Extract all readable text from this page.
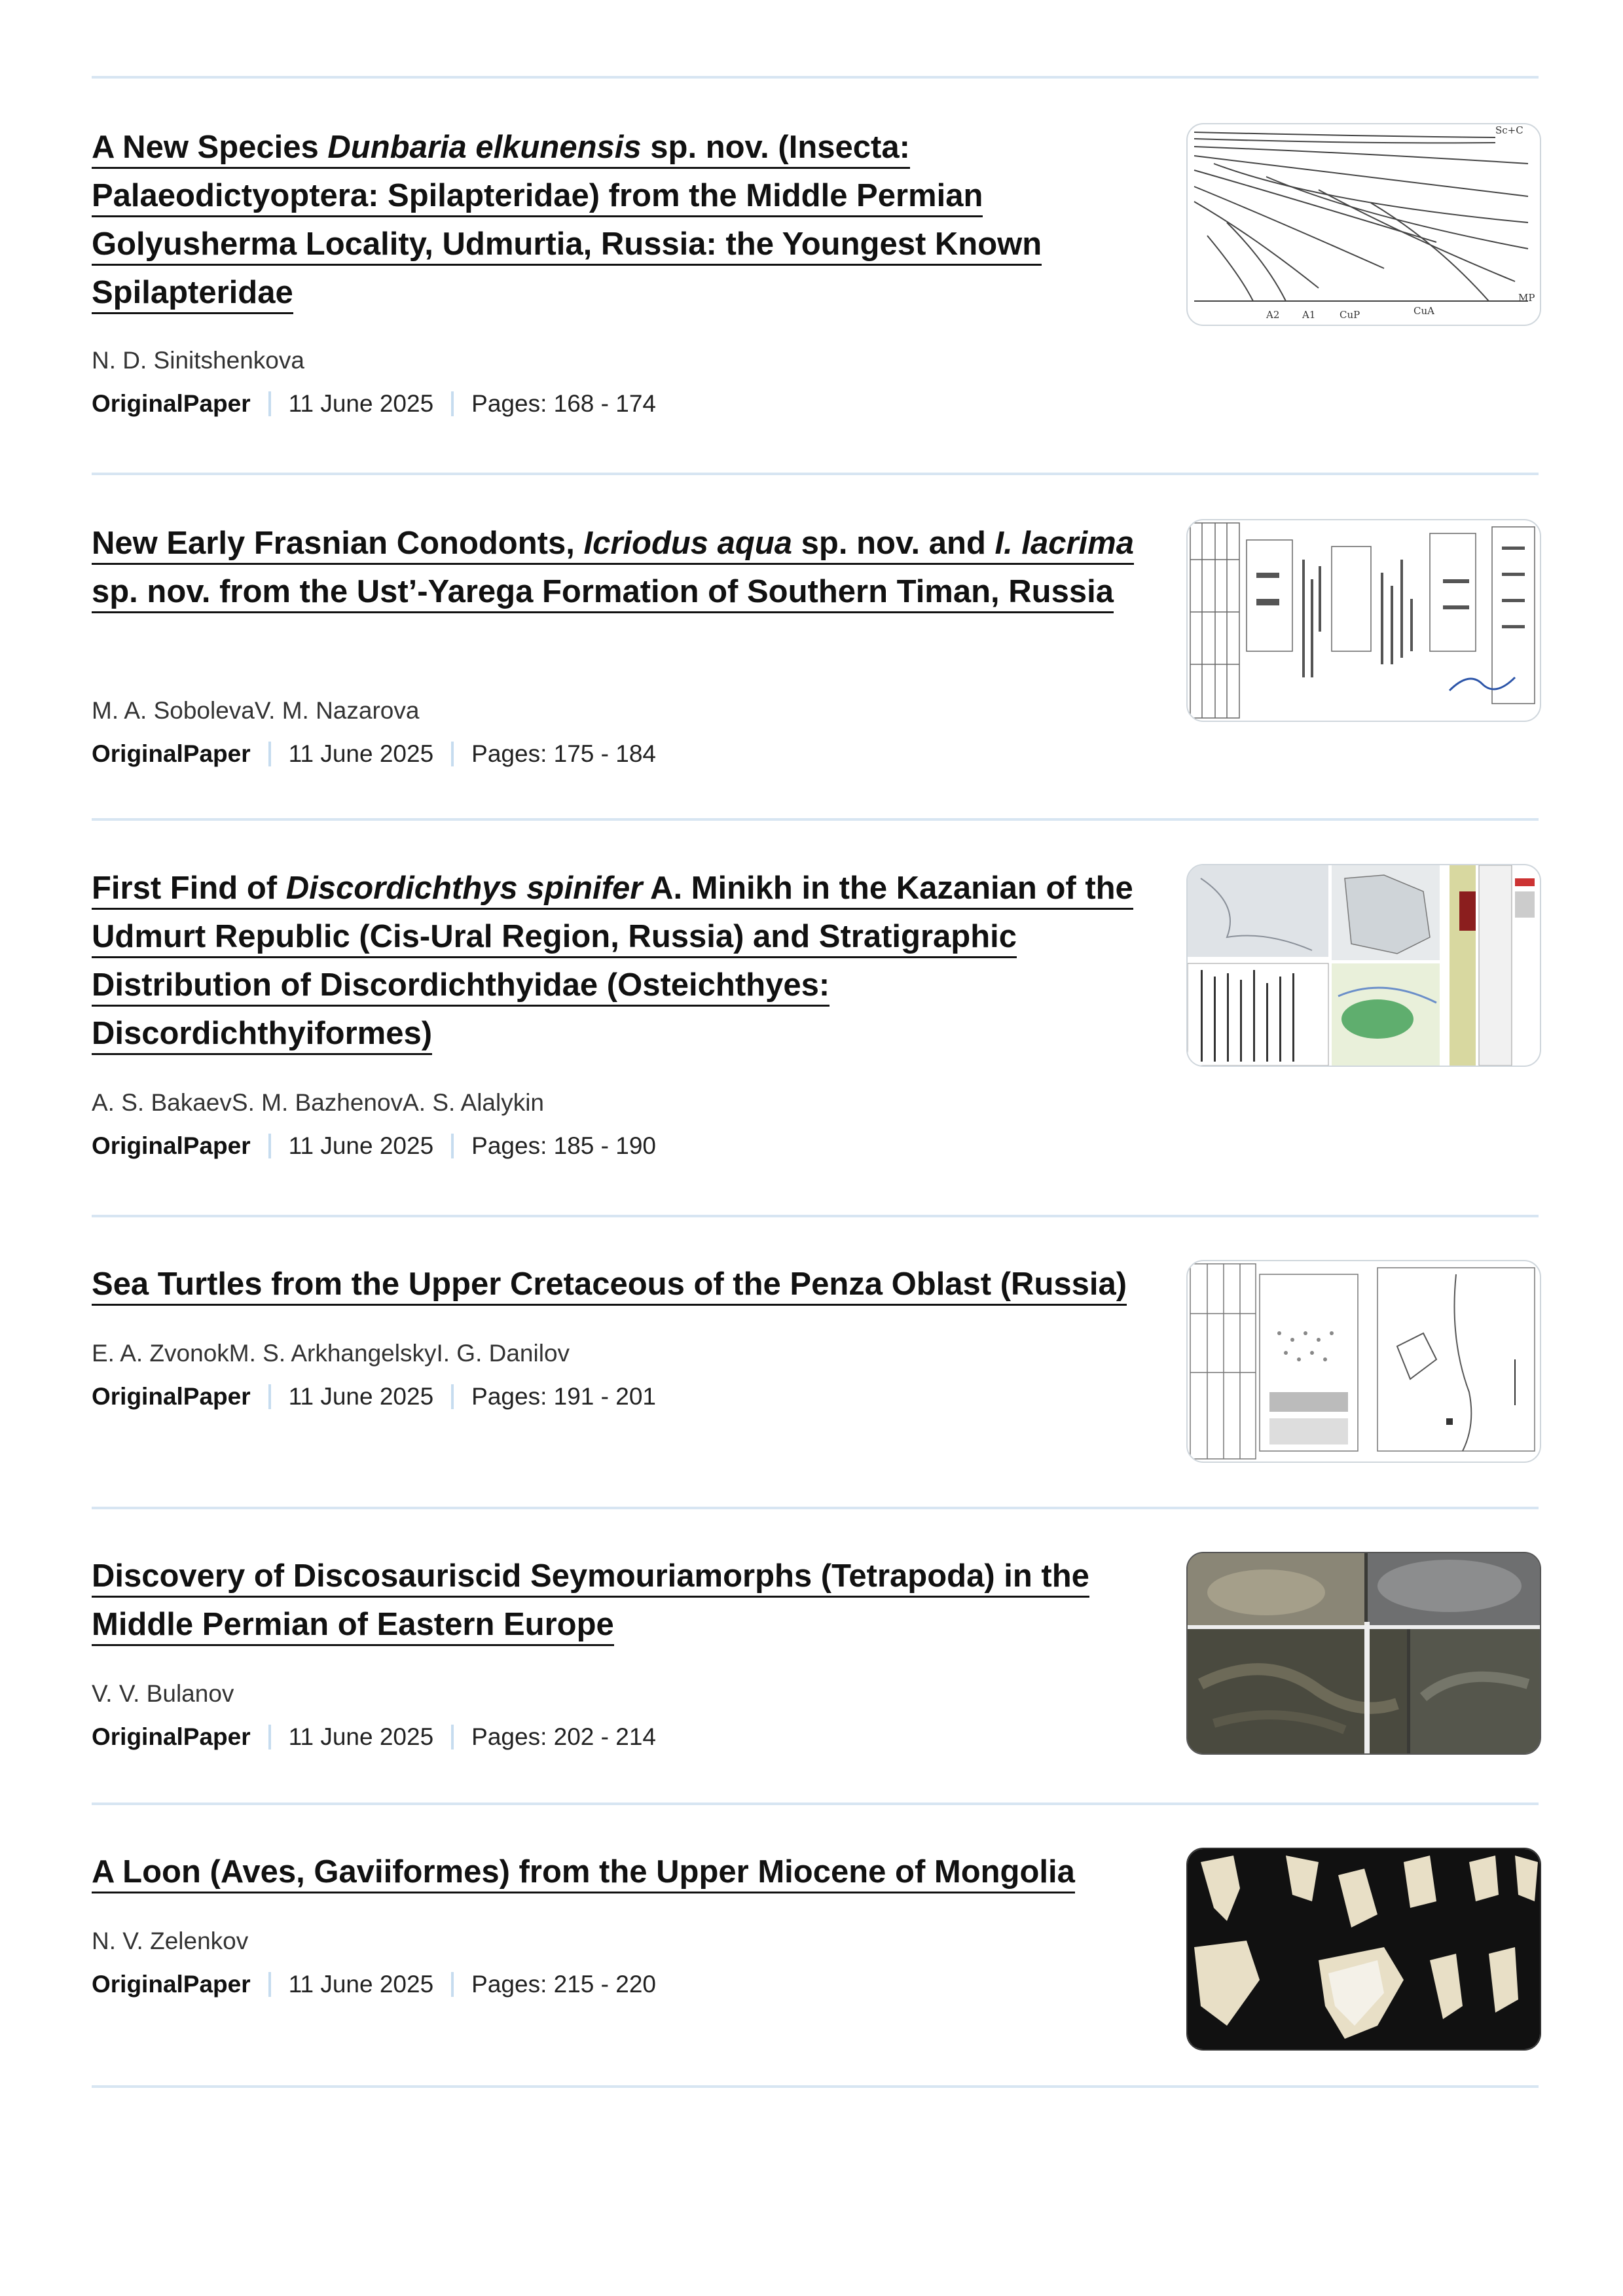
A New Species Dunbaria elkunensis sp. nov. (Insecta: Palaeodictyoptera: Spilapteridae) from the Middle Permian Golyusherma Locality, Udmurtia, Russia: the Youngest Known Spilapteridae
N. D. Sinitshenkova
OriginalPaper 11 June 2025 Pages: 168 - 174
A2 A1 CuP	CuA
MP
Sc+C
New Early Frasnian Conodonts, Icriodus aqua sp. nov. and I. lacrima sp. nov. from the Ust’-Yarega Formation of Southern Timan, Russia
M. A. SobolevaV. M. Nazarova
OriginalPaper 11 June 2025 Pages: 175 - 184
First Find of Discordichthys spinifer A. Minikh in the Kazanian of the Udmurt Republic (Cis-Ural Region, Russia) and Stratigraphic Distribution of Discordichthyidae (Osteichthyes: Discordichthyiformes)
A. S. BakaevS. M. BazhenovA. S. Alalykin
OriginalPaper 11 June 2025 Pages: 185 - 190
Sea Turtles from the Upper Cretaceous of the Penza Oblast (Russia)
E. A. ZvonokM. S. ArkhangelskyI. G. Danilov
OriginalPaper 11 June 2025 Pages: 191 - 201
Discovery of Discosauriscid Seymouriamorphs (Tetrapoda) in the Middle Permian of Eastern Europe
V. V. Bulanov
OriginalPaper 11 June 2025 Pages: 202 - 214
A Loon (Aves, Gaviiformes) from the Upper Miocene of Mongolia
N. V. Zelenkov
OriginalPaper 11 June 2025 Pages: 215 - 220
